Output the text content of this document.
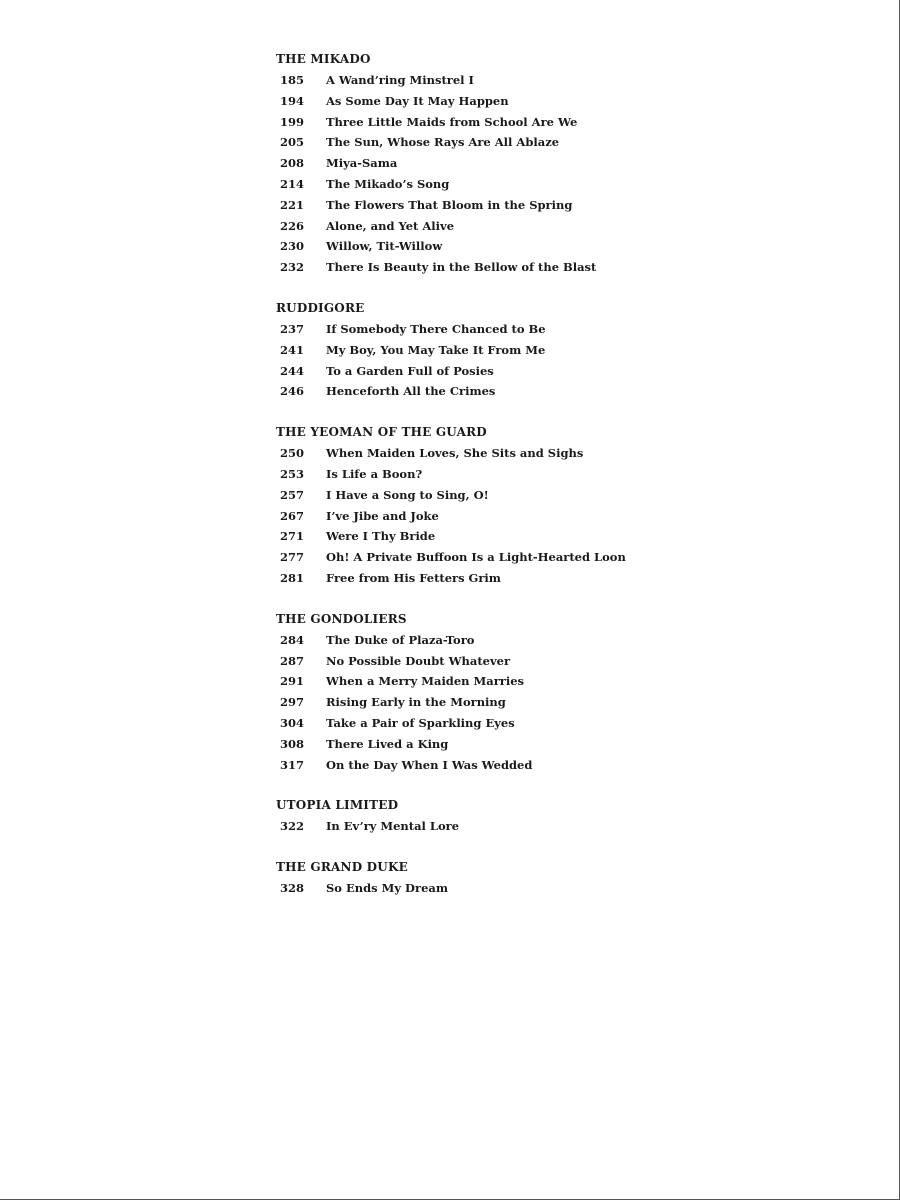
THE MIKADO
185	A Wand’ring Minstrel I
194	As Some Day It May Happen
199	Three Little Maids from School Are We
205	The Sun, Whose Rays Are All Ablaze
208	Miya-Sama
214	The Mikado’s Song
221	The Flowers That Bloom in the Spring
226	Alone, and Yet Alive
230	Willow, Tit-Willow
232	There Is Beauty in the Bellow of the Blast
RUDDIGORE
237	If Somebody There Chanced to Be
241	My Boy, You May Take It From Me
244	To a Garden Full of Posies
246	Henceforth All the Crimes
THE YEOMAN OF THE GUARD
250	When Maiden Loves, She Sits and Sighs
253	Is Life a Boon?
257	I Have a Song to Sing, O!
267	I’ve Jibe and Joke
271	Were I Thy Bride
277	Oh! A Private Buffoon Is a Light-Hearted Loon
281	Free from His Fetters Grim
THE GONDOLIERS
284	The Duke of Plaza-Toro
287	No Possible Doubt Whatever
291	When a Merry Maiden Marries
297	Rising Early in the Morning
304	Take a Pair of Sparkling Eyes
308	There Lived a King
317	On the Day When I Was Wedded
UTOPIA LIMITED
322	In Ev’ry Mental Lore
THE GRAND DUKE
328	So Ends My Dream
